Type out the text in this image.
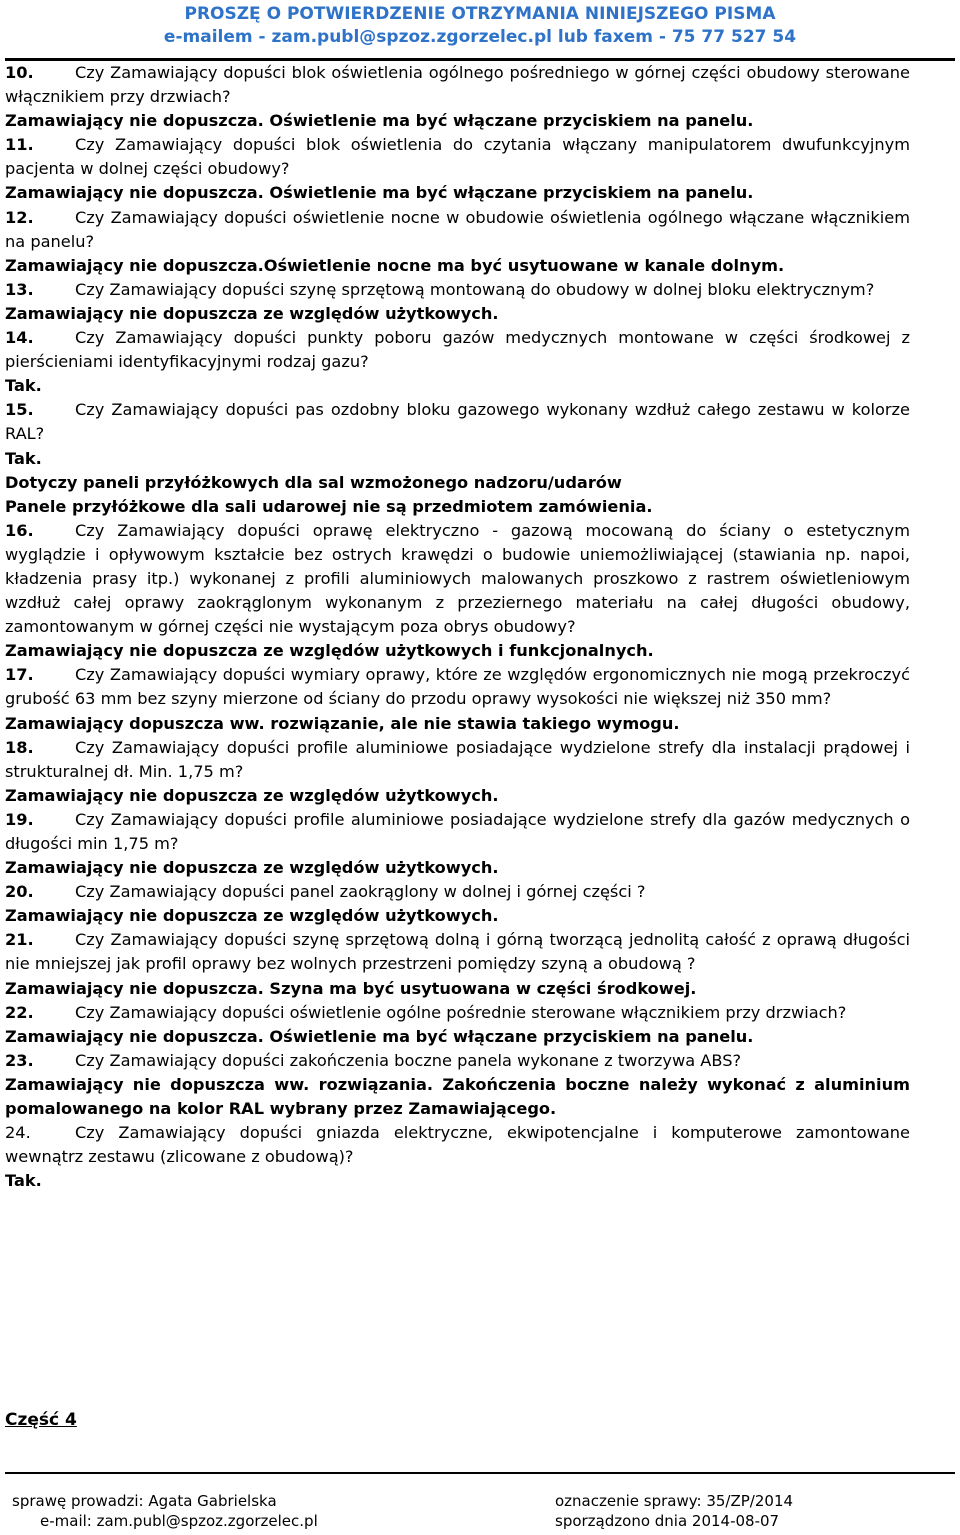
PROSZĘ O POTWIERDZENIE OTRZYMANIA NINIEJSZEGO PISMA
e-mailem - zam.publ@spzoz.zgorzelec.pl lub faxem - 75 77 527 54
10.	Czy Zamawiający dopuści blok oświetlenia ogólnego pośredniego w górnej części obudowy sterowane włącznikiem przy drzwiach?
Zamawiający nie dopuszcza. Oświetlenie ma być włączane przyciskiem na panelu.
11.	Czy Zamawiający dopuści blok oświetlenia do czytania włączany manipulatorem dwufunkcyjnym pacjenta w dolnej części obudowy?
Zamawiający nie dopuszcza. Oświetlenie ma być włączane przyciskiem na panelu.
12.	Czy Zamawiający dopuści oświetlenie nocne w obudowie oświetlenia ogólnego włączane włącznikiem na panelu?
Zamawiający nie dopuszcza.Oświetlenie nocne ma być usytuowane w kanale dolnym.
13.	Czy Zamawiający dopuści szynę sprzętową montowaną do obudowy w dolnej bloku elektrycznym?
Zamawiający nie dopuszcza ze względów użytkowych.
14.	Czy Zamawiający dopuści punkty poboru gazów medycznych montowane w części środkowej z pierścieniami identyfikacyjnymi rodzaj gazu?
Tak.
15.	Czy Zamawiający dopuści pas ozdobny bloku gazowego wykonany wzdłuż całego zestawu w kolorze RAL?
Tak.
Dotyczy paneli przyłóżkowych dla sal wzmożonego nadzoru/udarów
Panele przyłóżkowe dla sali udarowej nie są przedmiotem zamówienia.
16.	Czy Zamawiający dopuści oprawę elektryczno - gazową mocowaną do ściany o estetycznym wyglądzie i opływowym kształcie bez ostrych krawędzi o budowie uniemożliwiającej (stawiania np. napoi, kładzenia prasy itp.) wykonanej z profili aluminiowych malowanych proszkowo z rastrem oświetleniowym wzdłuż całej oprawy zaokrąglonym wykonanym z przeziernego materiału na całej długości obudowy, zamontowanym w górnej części nie wystającym poza obrys obudowy?
Zamawiający nie dopuszcza ze względów użytkowych i funkcjonalnych.
17.	Czy Zamawiający dopuści wymiary oprawy, które ze względów ergonomicznych nie mogą przekroczyć grubość 63 mm bez szyny mierzone od ściany do przodu oprawy wysokości nie większej niż 350 mm?
Zamawiający dopuszcza ww. rozwiązanie, ale nie stawia takiego wymogu.
18.	Czy Zamawiający dopuści profile aluminiowe posiadające wydzielone strefy dla instalacji prądowej i strukturalnej dł. Min. 1,75 m?
Zamawiający nie dopuszcza ze względów użytkowych.
19.	Czy Zamawiający dopuści profile aluminiowe posiadające wydzielone strefy dla gazów medycznych o długości min 1,75 m?
Zamawiający nie dopuszcza ze względów użytkowych.
20.	Czy Zamawiający dopuści panel zaokrąglony w dolnej i górnej części ?
Zamawiający nie dopuszcza ze względów użytkowych.
21.	Czy Zamawiający dopuści szynę sprzętową dolną i górną tworzącą jednolitą całość z oprawą długości nie mniejszej jak profil oprawy bez wolnych przestrzeni pomiędzy szyną a obudową ?
Zamawiający nie dopuszcza. Szyna ma być usytuowana w części środkowej.
22.	Czy Zamawiający dopuści oświetlenie ogólne pośrednie sterowane włącznikiem przy drzwiach?
Zamawiający nie dopuszcza. Oświetlenie ma być włączane przyciskiem na panelu.
23.	Czy Zamawiający dopuści zakończenia boczne panela wykonane z tworzywa ABS?
Zamawiający nie dopuszcza ww. rozwiązania. Zakończenia boczne należy wykonać z aluminium pomalowanego na kolor RAL wybrany przez Zamawiającego.
24.	Czy Zamawiający dopuści gniazda elektryczne, ekwipotencjalne i komputerowe zamontowane wewnątrz zestawu (zlicowane z obudową)?
Tak.
Część 4
sprawę prowadzi: Agata Gabrielska
e-mail: zam.publ@spzoz.zgorzelec.pl
oznaczenie sprawy: 35/ZP/2014
sporządzono dnia 2014-08-07
